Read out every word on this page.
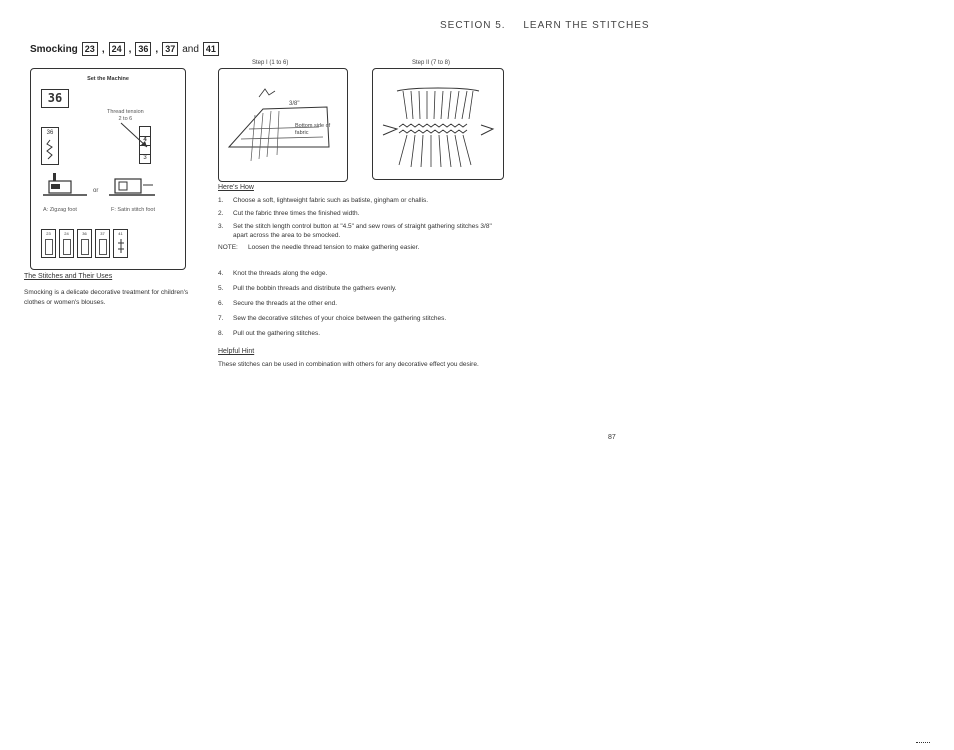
SECTION 5. LEARN THE STITCHES
Smocking 23 , 24 , 36 , 37 and 41
Set the Machine
36
Thread tension
2 to 6
36
4
3
or
A: Zigzag foot	F: Satin stitch foot
23	24	36	37	41
The Stitches and Their Uses
Smocking is a delicate decorative treatment for children's clothes or women's blouses.
Step I (1 to 6)	Step II (7 to 8)
3/8"
Bottom side of fabric
Here's How
1.	Choose a soft, lightweight fabric such as batiste, gingham or challis.
2.	Cut the fabric three times the finished width.
3.	Set the stitch length control button at "4.5" and sew rows of straight gathering stitches 3/8" apart across the area to be smocked.
NOTE:	Loosen the needle thread tension to make gathering easier.
4.	Knot the threads along the edge.
5.	Pull the bobbin threads and distribute the gathers evenly.
6.	Secure the threads at the other end.
7.	Sew the decorative stitches of your choice between the gathering stitches.
8.	Pull out the gathering stitches.
Helpful Hint
These stitches can be used in combination with others for any decorative effect you desire.
87
